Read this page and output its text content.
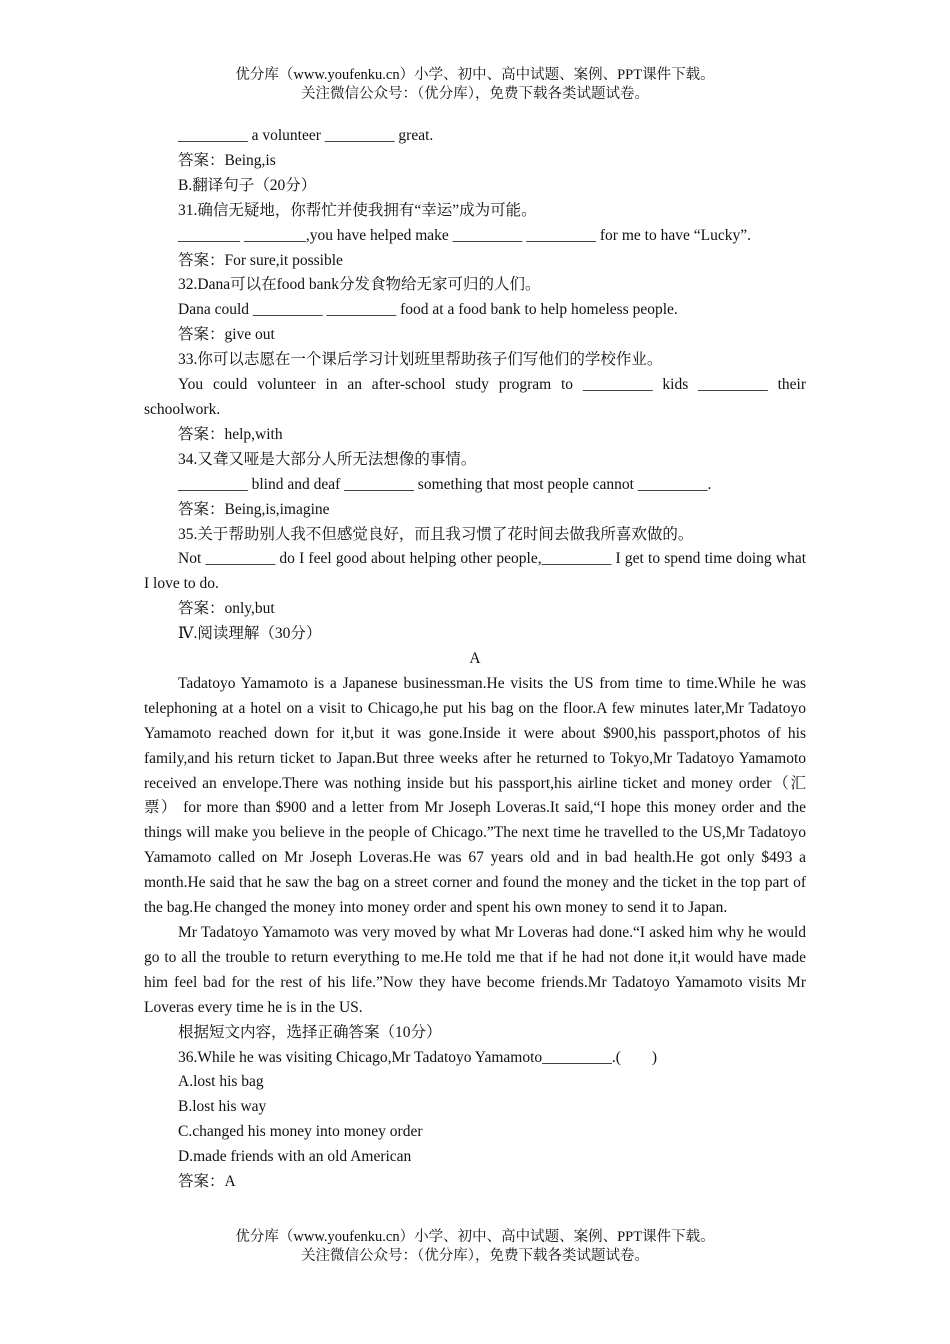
优分库（www.youfenku.cn）小学、初中、高中试题、案例、PPT课件下载。
关注微信公众号：（优分库），免费下载各类试题试卷。

_________ a volunteer _________ great.

答案：Being,is

B.翻译句子（20分）

31.确信无疑地，你帮忙并使我拥有“幸运”成为可能。

________ ________,you have helped make _________ _________ for me to have “Lucky”.

答案：For sure,it possible

32.Dana可以在food bank分发食物给无家可归的人们。

Dana could _________ _________ food at a food bank to help homeless people.

答案：give out

33.你可以志愿在一个课后学习计划班里帮助孩子们写他们的学校作业。

You could volunteer in an after-school study program to _________ kids _________ their schoolwork.

答案：help,with

34.又聋又哑是大部分人所无法想像的事情。

_________ blind and deaf _________ something that most people cannot _________.

答案：Being,is,imagine

35.关于帮助别人我不但感觉良好，而且我习惯了花时间去做我所喜欢做的。

Not _________ do I feel good about helping other people,_________ I get to spend time doing what I love to do.

答案：only,but

Ⅳ.阅读理解（30分）

A

Tadatoyo Yamamoto is a Japanese businessman.He visits the US from time to time.While he was telephoning at a hotel on a visit to Chicago,he put his bag on the floor.A few minutes later,Mr Tadatoyo Yamamoto reached down for it,but it was gone.Inside it were about $900,his passport,photos of his family,and his return ticket to Japan.But three weeks after he returned to Tokyo,Mr Tadatoyo Yamamoto received an envelope.There was nothing inside but his passport,his airline ticket and money order（汇票） for more than $900 and a letter from Mr Joseph Loveras.It said,“I hope this money order and the things will make you believe in the people of Chicago.”The next time he travelled to the US,Mr Tadatoyo Yamamoto called on Mr Joseph Loveras.He was 67 years old and in bad health.He got only $493 a month.He said that he saw the bag on a street corner and found the money and the ticket in the top part of the bag.He changed the money into money order and spent his own money to send it to Japan.

Mr Tadatoyo Yamamoto was very moved by what Mr Loveras had done.“I asked him why he would go to all the trouble to return everything to me.He told me that if he had not done it,it would have made him feel bad for the rest of his life.”Now they have become friends.Mr Tadatoyo Yamamoto visits Mr Loveras every time he is in the US.

根据短文内容，选择正确答案（10分）

36.While he was visiting Chicago,Mr Tadatoyo Yamamoto_________.(　　)

A.lost his bag

B.lost his way

C.changed his money into money order

D.made friends with an old American

答案：A

优分库（www.youfenku.cn）小学、初中、高中试题、案例、PPT课件下载。
关注微信公众号：（优分库），免费下载各类试题试卷。
